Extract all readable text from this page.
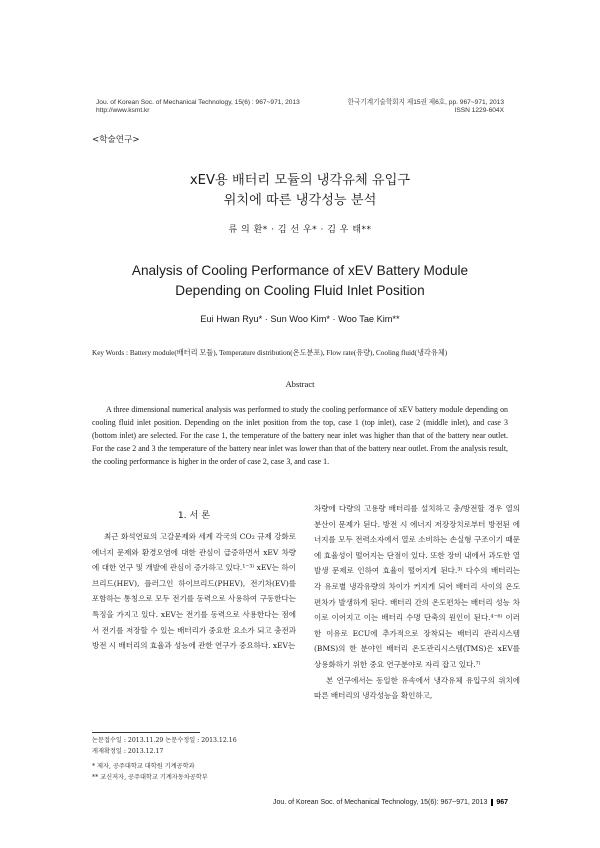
Jou. of Korean Soc. of Mechanical Technology, 15(6) : 967~971, 2013
http://www.ksmt.kr
한국기계기술학회지 제15권 제6호, pp. 967~971, 2013
ISSN 1229-604X
<학술연구>
xEV용 배터리 모듈의 냉각유체 유입구
위치에 따른 냉각성능 분석
류 의 환* · 김 선 우* · 김 우 태**
Analysis of Cooling Performance of xEV Battery Module
Depending on Cooling Fluid Inlet Position
Eui Hwan Ryu* · Sun Woo Kim* · Woo Tae Kim**
Key Words : Battery module(배터리 모듈), Temperature distribution(온도분포), Flow rate(유량), Cooling fluid(냉각유체)
Abstract
A three dimensional numerical analysis was performed to study the cooling performance of xEV battery module depending on cooling fluid inlet position. Depending on the inlet position from the top, case 1 (top inlet), case 2 (middle inlet), and case 3 (bottom inlet) are selected. For the case 1, the temperature of the battery near inlet was higher than that of the battery near outlet. For the case 2 and 3 the temperature of the battery near inlet was lower than that of the battery near outlet. From the analysis result, the cooling performance is higher in the order of case 2, case 3, and case 1.
1. 서 론

최근 화석연료의 고갈문제와 세계 각국의 CO₂ 규제 강화로 에너지 문제와 환경오염에 대한 관심이 급증하면서 xEV 차량에 대한 연구 및 개발에 관심이 증가하고 있다.¹⁻³⁾ xEV는 하이브리드(HEV), 플러그인 하이브리드(PHEV), 전기차(EV)를 포함하는 통칭으로 모두 전기를 동력으로 사용하여 구동한다는 특징을 가지고 있다. xEV는 전기를 동력으로 사용한다는 점에서 전기를 저장할 수 있는 배터리가 중요한 요소가 되고 충전과 방전 시 배터리의 효율과 성능에 관한 연구가 중요하다. xEV는

차량에 다량의 고용량 배터리를 설치하고 충/방전할 경우 열의 분산이 문제가 된다. 방전 시 에너지 저장장치로부터 방전된 에너지를 모두 전력소자에서 열로 소비하는 손실형 구조이기 때문에 효율성이 떨어지는 단점이 있다. 또한 장비 내에서 과도한 열 발생 문제로 인하여 효율이 떨어지게 된다.³⁾ 다수의 배터리는 각 유로별 냉각유량의 차이가 커지게 되어 배터리 사이의 온도 편차가 발생하게 된다. 배터리 간의 온도편차는 배터리 성능 차이로 이어지고 이는 배터리 수명 단축의 원인이 된다.⁴⁻⁶⁾ 이러한 이유로 ECU에 추가적으로 장착되는 배터리 관리시스템(BMS)의 한 분야인 배터리 온도관리시스템(TMS)은 xEV를 상용화하기 위한 중요 연구분야로 자리 잡고 있다.⁷⁾

본 연구에서는 동일한 유속에서 냉각유체 유입구의 위치에 따른 배터리의 냉각성능을 확인하고,

논문접수일 : 2013.11.29 논문수정일 : 2013.12.16
게재확정일 : 2013.12.17
* 제자, 공주대학교 대학원 기계공학과
** 교신저자, 공주대학교 기계자동차공학부
Jou. of Korean Soc. of Mechanical Technology, 15(6): 967~971, 2013 967
